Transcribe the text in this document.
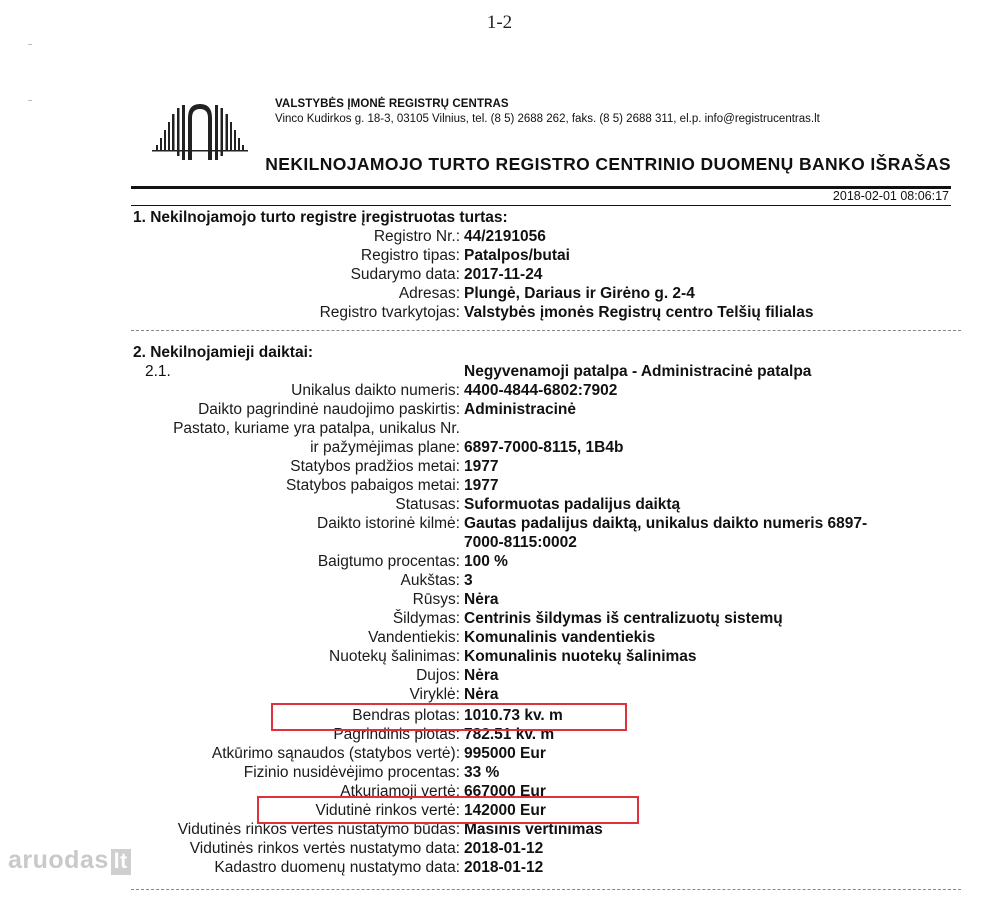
1-2
VALSTYBĖS ĮMONĖ REGISTRŲ CENTRAS
Vinco Kudirkos g. 18-3, 03105 Vilnius, tel. (8 5) 2688 262, faks. (8 5) 2688 311, el.p. info@registrucentras.lt
NEKILNOJAMOJO TURTO REGISTRO CENTRINIO DUOMENŲ BANKO IŠRAŠAS
2018-02-01 08:06:17
1. Nekilnojamojo turto registre įregistruotas turtas:
Registro Nr.: 44/2191056
Registro tipas: Patalpos/butai
Sudarymo data: 2017-11-24
Adresas: Plungė, Dariaus ir Girėno g. 2-4
Registro tvarkytojas: Valstybės įmonės Registrų centro Telšių filialas
2. Nekilnojamieji daiktai:
2.1.	Negyvenamoji patalpa - Administracinė patalpa
Unikalus daikto numeris: 4400-4844-6802:7902
Daikto pagrindinė naudojimo paskirtis: Administracinė
Pastato, kuriame yra patalpa, unikalus Nr.
ir pažymėjimas plane: 6897-7000-8115, 1B4b
Statybos pradžios metai: 1977
Statybos pabaigos metai: 1977
Statusas: Suformuotas padalijus daiktą
Daikto istorinė kilmė: Gautas padalijus daiktą, unikalus daikto numeris 6897-
7000-8115:0002
Baigtumo procentas: 100 %
Aukštas: 3
Rūsys: Nėra
Šildymas: Centrinis šildymas iš centralizuotų sistemų
Vandentiekis: Komunalinis vandentiekis
Nuotekų šalinimas: Komunalinis nuotekų šalinimas
Dujos: Nėra
Viryklė: Nėra
Bendras plotas: 1010.73 kv. m
Pagrindinis plotas: 782.51 kv. m
Atkūrimo sąnaudos (statybos vertė): 995000 Eur
Fizinio nusidėvėjimo procentas: 33 %
Atkuriamoji vertė: 667000 Eur
Vidutinė rinkos vertė: 142000 Eur
Vidutinės rinkos vertės nustatymo būdas: Masinis vertinimas
Vidutinės rinkos vertės nustatymo data: 2018-01-12
Kadastro duomenų nustatymo data: 2018-01-12
aruodas lt
